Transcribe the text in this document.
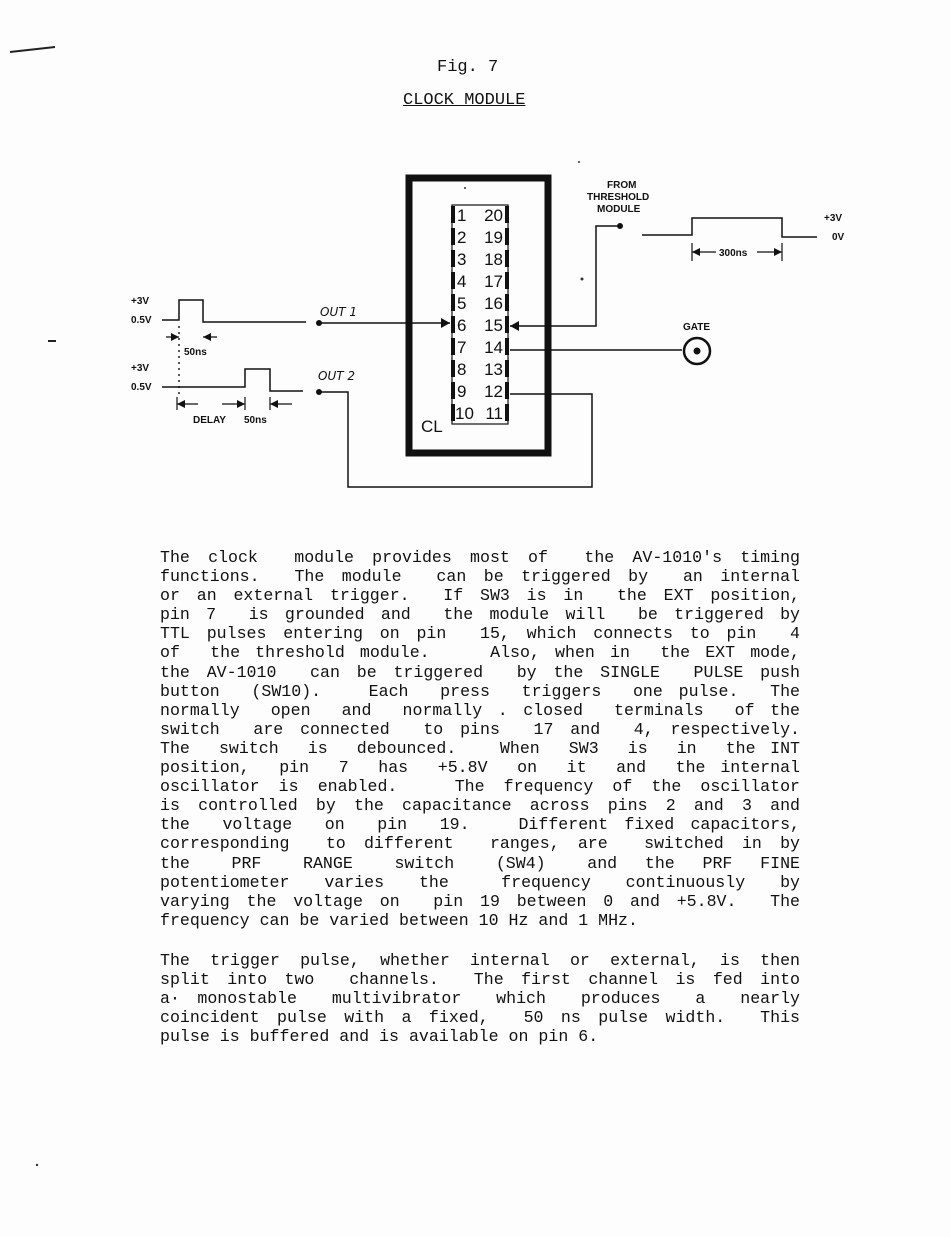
Fig. 7
CLOCK MODULE
1
2
3
4
5
6
7
8
9
10
20
19
18
17
16
15
14
13
12
11
CL
FROM
THRESHOLD
MODULE
300ns
+3V
0V
GATE
OUT 1
OUT 2
+3V
0.5V
50ns
+3V
0.5V
DELAY 50ns
The clock  module provides most of  the AV-1010's timing
functions.  The module  can be triggered by  an internal
or an external trigger.  If SW3 is in  the EXT position,
pin 7  is grounded and  the module will  be triggered by
TTL pulses entering on pin  15, which connects to pin  4
of  the threshold module.    Also, when in  the EXT mode,
the AV-1010  can be triggered  by the SINGLE  PULSE push
button  (SW10).   Each  press  triggers  one pulse.  The
normally  open  and  normally . closed  terminals  of the
switch  are connected  to pins  17 and  4, respectively.
The  switch  is  debounced.   When  SW3  is  in  the INT
position,  pin  7  has  +5.8V  on  it  and  the internal
oscillator is enabled.   The frequency of the oscillator
is controlled by the capacitance across pins 2 and 3 and
the  voltage  on  pin  19.   Different fixed capacitors,
corresponding  to different  ranges, are  switched in by
the   PRF   RANGE   switch   (SW4)   and  the  PRF  FINE
potentiometer  varies  the   frequency  continuously  by
varying the voltage on  pin 19 between 0 and +5.8V.  The
frequency can be varied between 10 Hz and 1 MHz.
The trigger pulse, whether internal or external, is then
split into two  channels.  The first channel is fed into
a· monostable  multivibrator  which  produces  a  nearly
coincident pulse with a fixed,  50 ns pulse width.  This
pulse is buffered and is available on pin 6.
